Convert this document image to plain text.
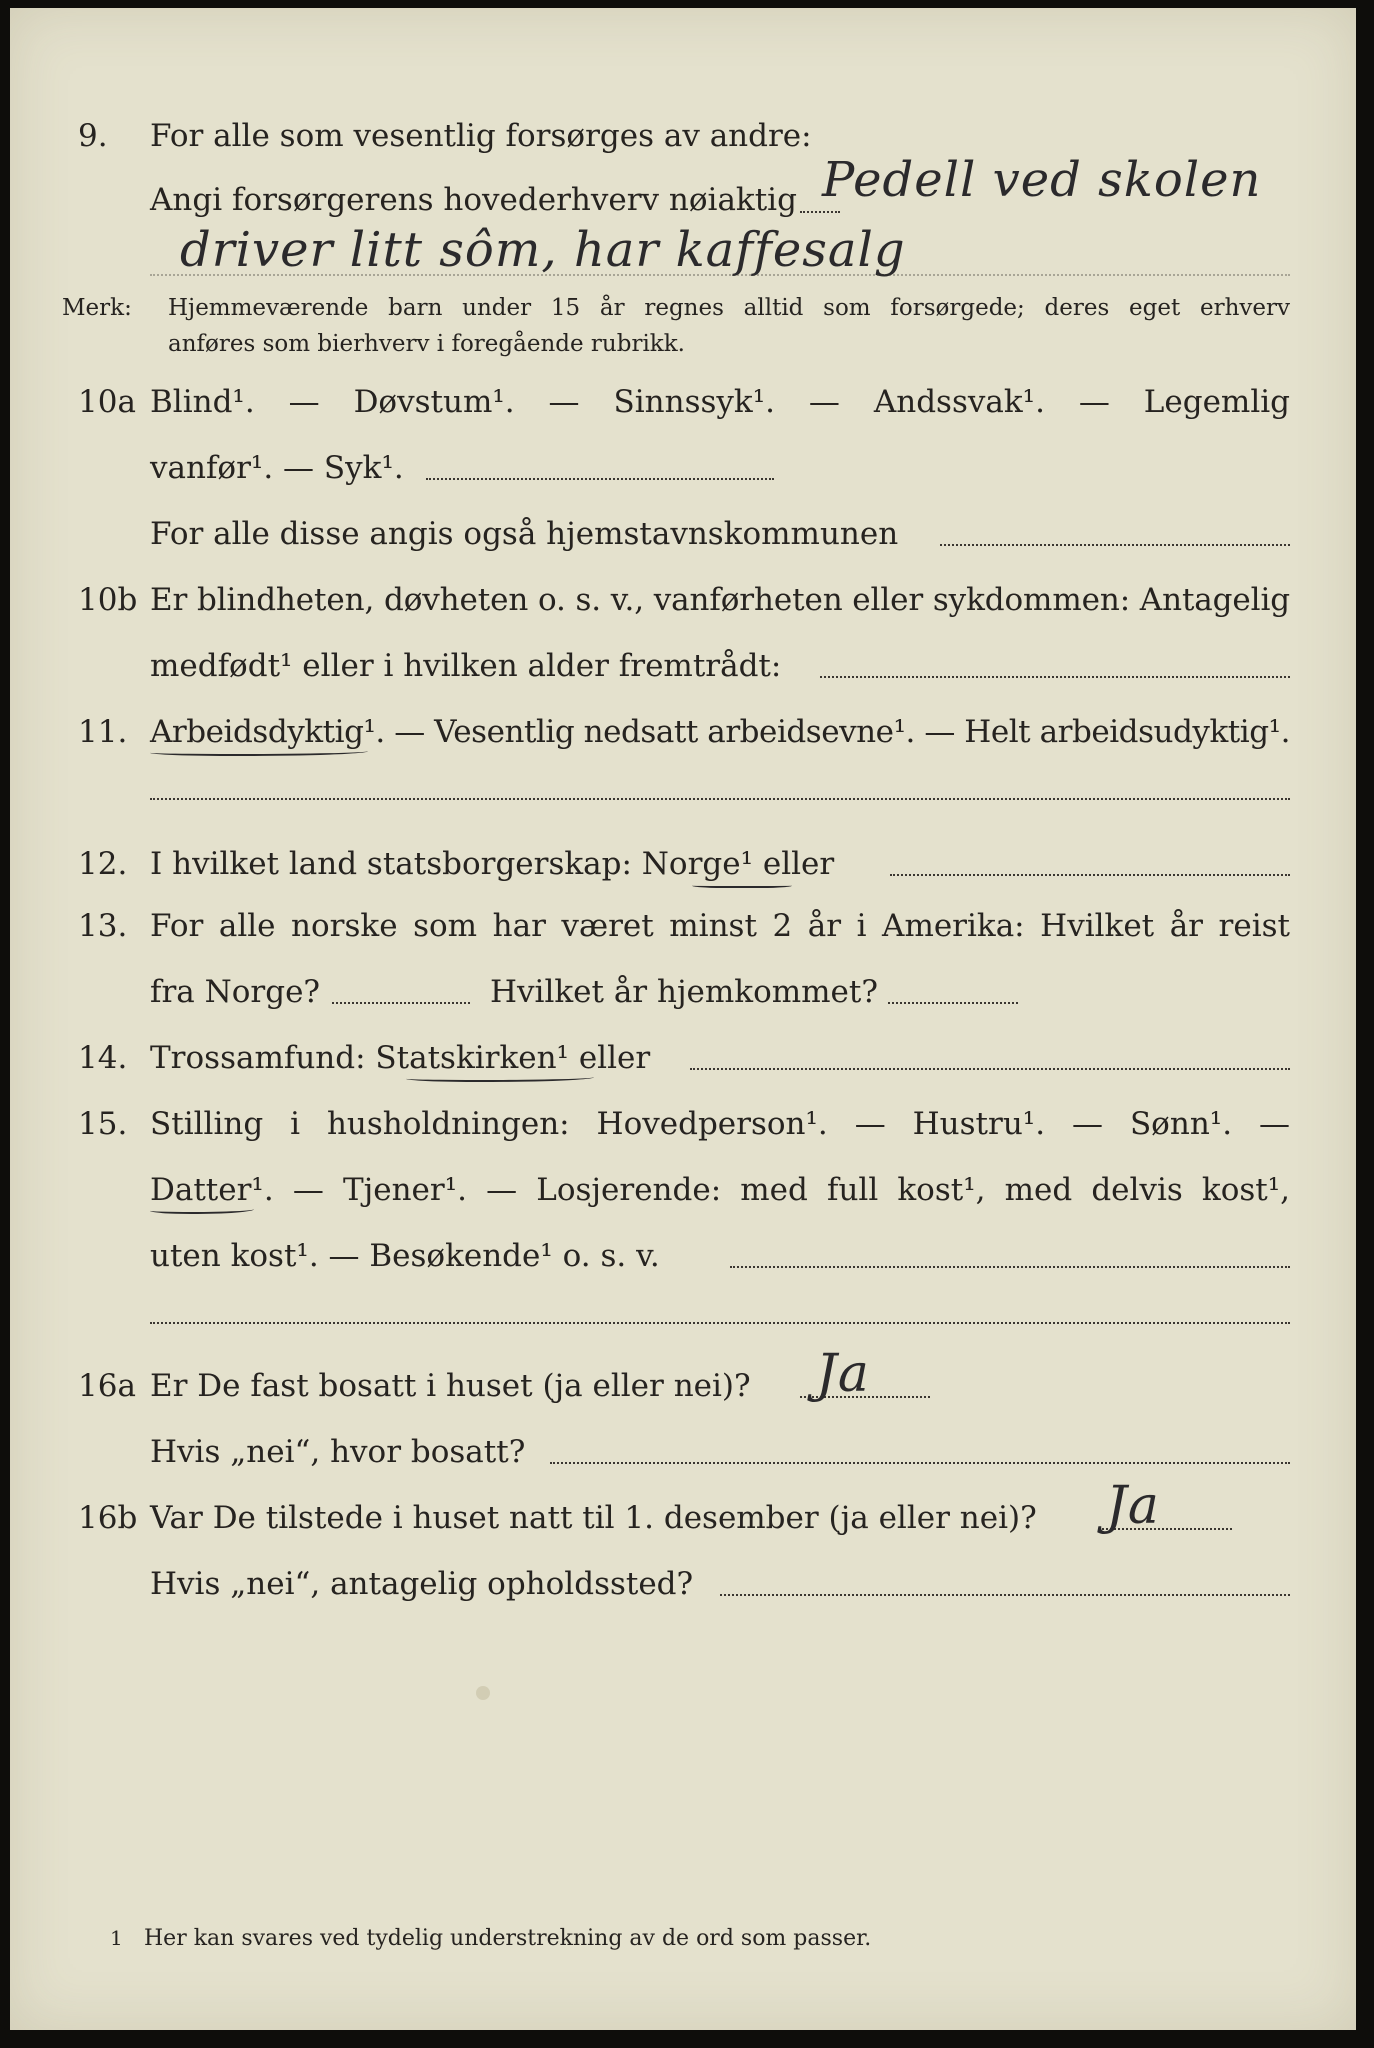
9. For alle som vesentlig forsørges av andre:
Angi forsørgerens hovederhverv nøiaktig Pedell ved skolen
driver litt sôm, har kaffesalg
Merk: Hjemmeværende barn under 15 år regnes alltid som forsørgede; deres eget erhverv
anføres som bierhverv i foregående rubrikk.
10a Blind¹. — Døvstum¹. — Sinnssyk¹. — Andssvak¹. — Legemlig
vanfør¹. — Syk¹.
For alle disse angis også hjemstavnskommunen
10b Er blindheten, døvheten o. s. v., vanførheten eller sykdommen: Antagelig
medfødt¹ eller i hvilken alder fremtrådt:
11. Arbeidsdyktig¹. — Vesentlig nedsatt arbeidsevne¹. — Helt arbeidsudyktig¹.
12. I hvilket land statsborgerskap: Norge¹ eller
13. For alle norske som har været minst 2 år i Amerika: Hvilket år reist
fra Norge?	Hvilket år hjemkommet?
14. Trossamfund: Statskirken¹ eller
15. Stilling i husholdningen: Hovedperson¹. — Hustru¹. — Sønn¹. —
Datter¹. — Tjener¹. — Losjerende: med full kost¹, med delvis kost¹,
uten kost¹. — Besøkende¹ o. s. v.
16a Er De fast bosatt i huset (ja eller nei)? Ja
Hvis „nei“, hvor bosatt?
16b Var De tilstede i huset natt til 1. desember (ja eller nei)? Ja
Hvis „nei“, antagelig opholdssted?
1 Her kan svares ved tydelig understrekning av de ord som passer.
